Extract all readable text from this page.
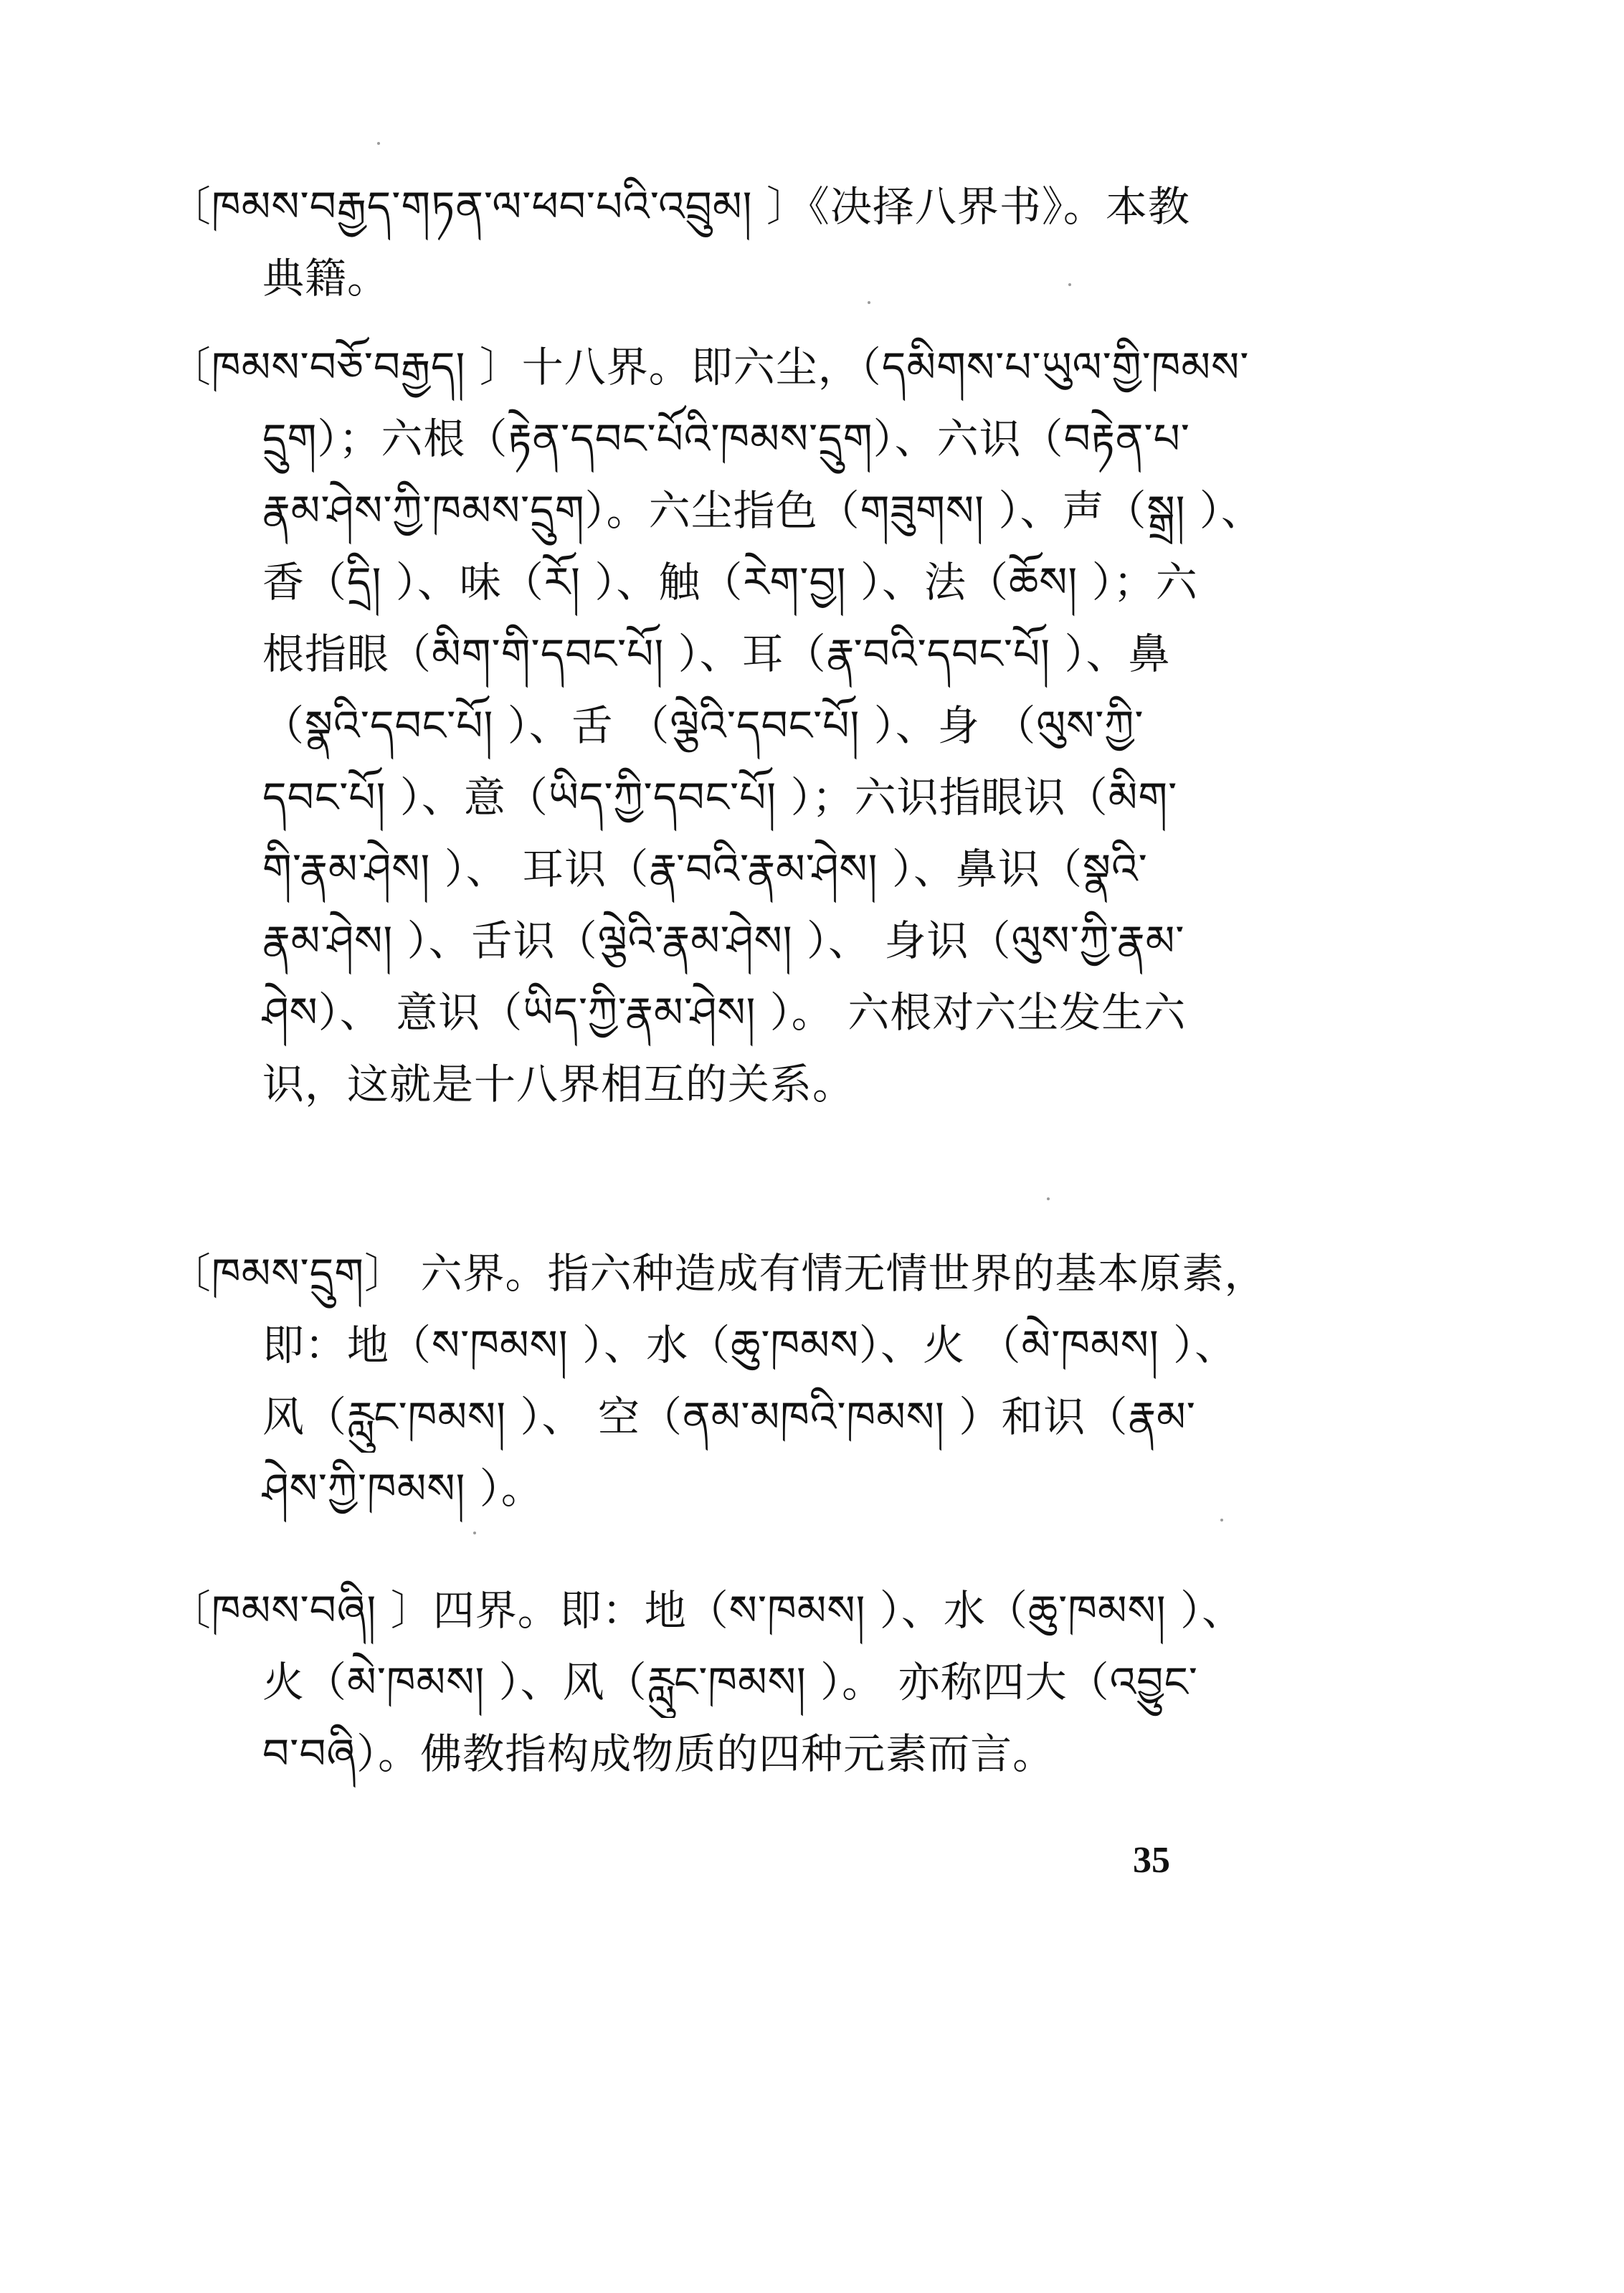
〔ཁམས་བརྒྱད་གཏན་ལ་ཕབ་པའི་འབྲུམ། 〕《决择八界书》。本教
典籍。
〔ཁམས་བཅོ་བརྒྱད། 〕十八界。即六尘，（དམིགས་པ་ཡུལ་གྱི་ཁམས་
དྲུག）；六根（རྟེན་དབང་པོའི་ཁམས་དྲུག）、六识（བརྟེན་པ་
རྣམ་ཤེས་ཀྱི་ཁམས་དྲུག）。六尘指色（གཟུགས། ）、声（སྒྲ། ）、
香（དྲི། ）、味（རོ། ）、触（རེག་བྱ། ）、法（ཆོས། ）；六
根指眼（མིག་གི་དབང་པོ། ）、耳（རྣ་བའི་དབང་པོ། ）、鼻
（སྣའི་དབང་པོ། ）、舌 （ལྕེའི་དབང་པོ། ）、身 （ལུས་ཀྱི་
དབང་པོ། ）、意（ཡིད་ཀྱི་དབང་པོ། ）；六识指眼识（མིག་
གི་རྣམ་ཤེས། ）、 耳识（རྣ་བའི་རྣམ་ཤེས། ）、鼻识（སྣའི་
རྣམ་ཤེས། ）、舌识（ལྕེའི་རྣམ་ཤེས། ）、 身识（ལུས་ཀྱི་རྣམ་
ཤེས）、 意识（ཡིད་ཀྱི་རྣམ་ཤེས། ）。 六根对六尘发生六
识，这就是十八界相互的关系。
〔ཁམས་དྲུག〕 六界。指六种造成有情无情世界的基本原素，
即：地（ས་ཁམས། ）、水（ཆུ་ཁམས）、火 （མེ་ཁམས། ）、
风（རླུང་ཁམས། ）、 空（ནམ་མཁའི་ཁམས། ）和识（རྣམ་
ཤེས་ཀྱི་ཁམས། ）。
〔ཁམས་བཞི། 〕四界。即：地（ས་ཁམས། ）、水（ཆུ་ཁམས། ）、
火（མེ་ཁམས། ）、风（རླུང་ཁམས། ）。 亦称四大（འབྱུང་
བ་བཞི）。佛教指构成物质的四种元素而言。
35
